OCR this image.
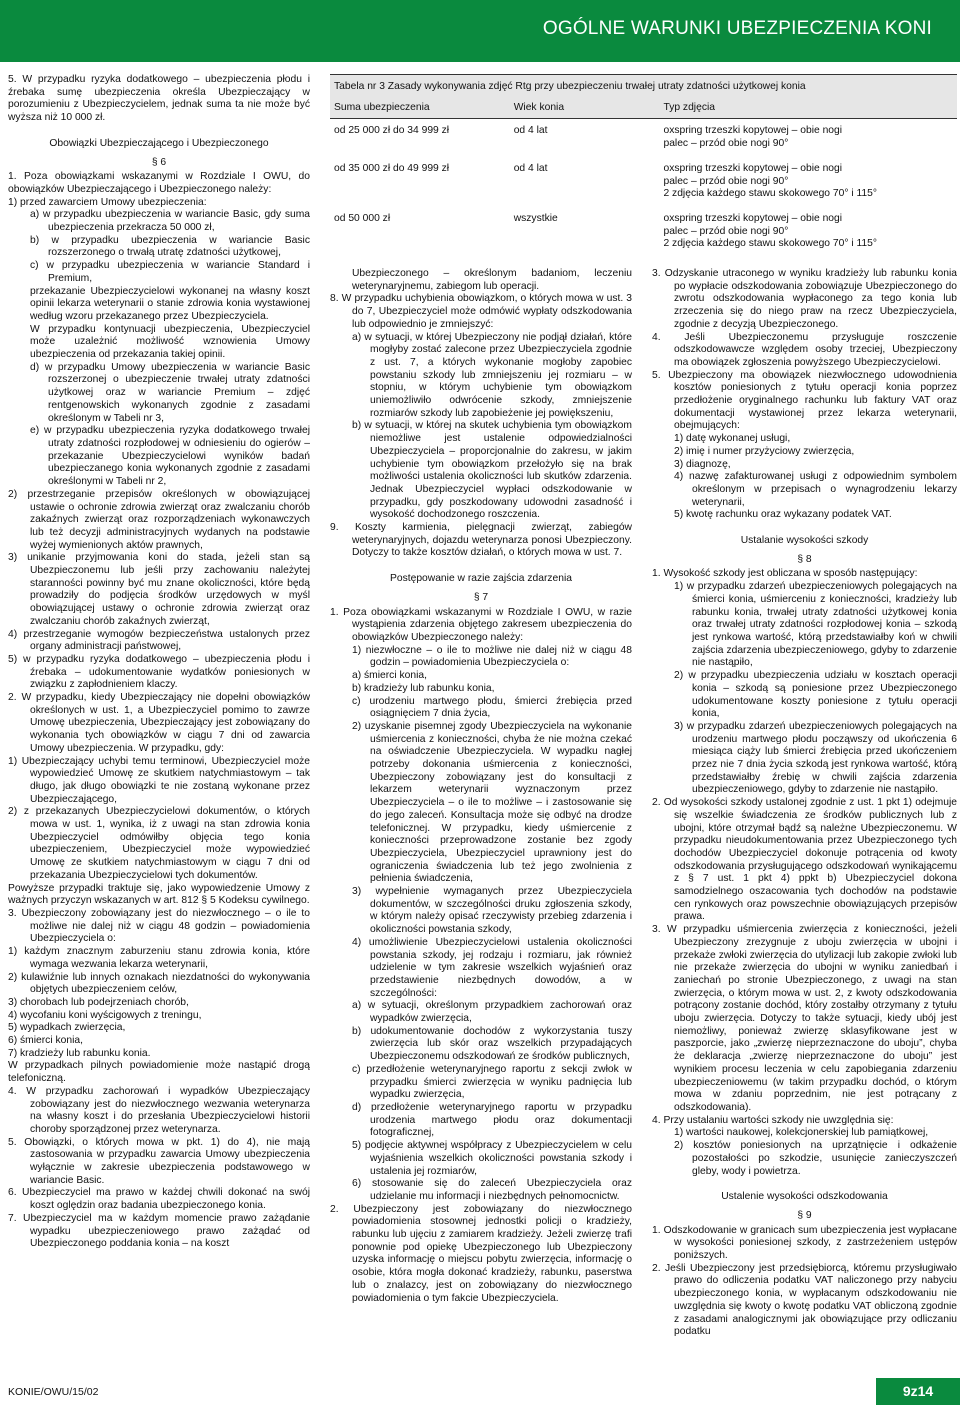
OGÓLNE WARUNKI UBEZPIECZENIA KONI

5. W przypadku ryzyka dodatkowego – ubezpieczenia płodu i źrebaka sumę ubezpieczenia określa Ubezpieczający w porozumieniu z Ubezpieczycielem, jednak suma ta nie może być wyższa niż 10 000 zł.

Obowiązki Ubezpieczającego i Ubezpieczonego

§ 6

1. Poza obowiązkami wskazanymi w Rozdziale I OWU, do obowiązków Ubezpieczającego i Ubezpieczonego należy:

1) przed zawarciem Umowy ubezpieczenia:

a) w przypadku ubezpieczenia w wariancie Basic, gdy suma ubezpieczenia przekracza 50 000 zł,

b) w przypadku ubezpieczenia w wariancie Basic rozszerzonego o trwałą utratę zdatności użytkowej,

c) w przypadku ubezpieczenia w wariancie Standard i Premium,

przekazanie Ubezpieczycielowi wykonanej na własny koszt opinii lekarza weterynarii o stanie zdrowia konia wystawionej według wzoru przekazanego przez Ubezpieczyciela.

W przypadku kontynuacji ubezpieczenia, Ubezpieczyciel może uzależnić możliwość wznowienia Umowy ubezpieczenia od przekazania takiej opinii.

d) w przypadku Umowy ubezpieczenia w wariancie Basic rozszerzonej o ubezpieczenie trwałej utraty zdatności użytkowej oraz w wariancie Premium – zdjęć rentgenowskich wykonanych zgodnie z zasadami określonym w Tabeli nr 3,

e) w przypadku ubezpieczenia ryzyka dodatkowego trwałej utraty zdatności rozpłodowej w odniesieniu do ogierów – przekazanie Ubezpieczycielowi wyników badań ubezpieczanego konia wykonanych zgodnie z zasadami określonymi w Tabeli nr 2,

2) przestrzeganie przepisów określonych w obowiązującej ustawie o ochronie zdrowia zwierząt oraz zwalczaniu chorób zakaźnych zwierząt oraz rozporządzeniach wykonawczych lub też decyzji administracyjnych wydanych na podstawie wyżej wymienionych aktów prawnych,

3) unikanie przyjmowania koni do stada, jeżeli stan są Ubezpieczonemu lub jeśli przy zachowaniu należytej staranności powinny być mu znane okoliczności, które będą prowadziły do podjęcia środków urzędowych w myśl obowiązującej ustawy o ochronie zdrowia zwierząt oraz zwalczaniu chorób zakaźnych zwierząt,

4) przestrzeganie wymogów bezpieczeństwa ustalonych przez organy administracji państwowej,

5) w przypadku ryzyka dodatkowego – ubezpieczenia płodu i źrebaka – udokumentowanie wydatków poniesionych w związku z zapłodnieniem klaczy.

2. W przypadku, kiedy Ubezpieczający nie dopełni obowiązków określonych w ust. 1, a Ubezpieczyciel pomimo to zawrze Umowę ubezpieczenia, Ubezpieczający jest zobowiązany do wykonania tych obowiązków w ciągu 7 dni od zawarcia Umowy ubezpieczenia. W przypadku, gdy:

1) Ubezpieczający uchybi temu terminowi, Ubezpieczyciel może wypowiedzieć Umowę ze skutkiem natychmiastowym – tak długo, jak długo obowiązki te nie zostaną wykonane przez Ubezpieczającego,

2) z przekazanych Ubezpieczycielowi dokumentów, o których mowa w ust. 1, wynika, iż z uwagi na stan zdrowia konia Ubezpieczyciel odmówiłby objęcia tego konia ubezpieczeniem, Ubezpieczyciel może wypowiedzieć Umowę ze skutkiem natychmiastowym w ciągu 7 dni od przekazania Ubezpieczycielowi tych dokumentów.

Powyższe przypadki traktuje się, jako wypowiedzenie Umowy z ważnych przyczyn wskazanych w art. 812 § 5 Kodeksu cywilnego.

3. Ubezpieczony zobowiązany jest do niezwłocznego – o ile to możliwe nie dalej niż w ciągu 48 godzin – powiadomienia Ubezpieczyciela o:

1) każdym znacznym zaburzeniu stanu zdrowia konia, które wymaga wezwania lekarza weterynarii,

2) kulawiźnie lub innych oznakach niezdatności do wykonywania objętych ubezpieczeniem celów,

3) chorobach lub podejrzeniach chorób,

4) wycofaniu koni wyścigowych z treningu,

5) wypadkach zwierzęcia,

6) śmierci konia,

7) kradzieży lub rabunku konia.

W przypadkach pilnych powiadomienie może nastąpić drogą telefoniczną.

4. W przypadku zachorowań i wypadków Ubezpieczający zobowiązany jest do niezwłocznego wezwania weterynarza na własny koszt i do przesłania Ubezpieczycielowi historii choroby sporządzonej przez weterynarza.

5. Obowiązki, o których mowa w pkt. 1) do 4), nie mają zastosowania w przypadku zawarcia Umowy ubezpieczenia wyłącznie w zakresie ubezpieczenia podstawowego w wariancie Basic.

6. Ubezpieczyciel ma prawo w każdej chwili dokonać na swój koszt oględzin oraz badania ubezpieczonego konia.

7. Ubezpieczyciel ma w każdym momencie prawo zażądanie wypadku ubezpieczeniowego prawo zażądać od Ubezpieczonego poddania konia – na koszt

Tabela nr 3 Zasady wykonywania zdjęć Rtg przy ubezpieczeniu trwałej utraty zdatności użytkowej konia
Suma ubezpieczenia	Wiek konia	Typ zdjęcia
od 25 000 zł do 34 999 zł	od 4 lat	oxspring trzeszki kopytowej – obie nogi
palec – przód obie nogi 90°
od 35 000 zł do 49 999 zł	od 4 lat	oxspring trzeszki kopytowej – obie nogi
palec – przód obie nogi 90°
2 zdjęcia każdego stawu skokowego 70° i 115°
od 50 000 zł	wszystkie	oxspring trzeszki kopytowej – obie nogi
palec – przód obie nogi 90°
2 zdjęcia każdego stawu skokowego 70° i 115°

Ubezpieczonego – określonym badaniom, leczeniu weterynaryjnemu, zabiegom lub operacji.

8. W przypadku uchybienia obowiązkom, o których mowa w ust. 3 do 7, Ubezpieczyciel może odmówić wypłaty odszkodowania lub odpowiednio je zmniejszyć:

a) w sytuacji, w której Ubezpieczony nie podjął działań, które mogłyby zostać zalecone przez Ubezpieczyciela zgodnie z ust. 7, a których wykonanie mogłoby zapobiec powstaniu szkody lub zmniejszeniu jej rozmiaru – w stopniu, w którym uchybienie tym obowiązkom uniemożliwiło odwrócenie szkody, zmniejszenie rozmiarów szkody lub zapobieżenie jej powiększeniu,

b) w sytuacji, w której na skutek uchybienia tym obowiązkom niemożliwe jest ustalenie odpowiedzialności Ubezpieczyciela – proporcjonalnie do zakresu, w jakim uchybienie tym obowiązkom przełożyło się na brak możliwości ustalenia okoliczności lub skutków zdarzenia. Jednak Ubezpieczyciel wypłaci odszkodowanie w przypadku, gdy poszkodowany udowodni zasadność i wysokość dochodzonego roszczenia.

9. Koszty karmienia, pielęgnacji zwierząt, zabiegów weterynaryjnych, dojazdu weterynarza ponosi Ubezpieczony. Dotyczy to także kosztów działań, o których mowa w ust. 7.

Postępowanie w razie zajścia zdarzenia

§ 7

1. Poza obowiązkami wskazanymi w Rozdziale I OWU, w razie wystąpienia zdarzenia objętego zakresem ubezpieczenia do obowiązków Ubezpieczonego należy:

1) niezwłoczne – o ile to możliwe nie dalej niż w ciągu 48 godzin – powiadomienia Ubezpieczyciela o:

a) śmierci konia,

b) kradzieży lub rabunku konia,

c) urodzeniu martwego płodu, śmierci źrebięcia przed osiągnięciem 7 dnia życia,

2) uzyskanie pisemnej zgody Ubezpieczyciela na wykonanie uśmiercenia z konieczności, chyba że nie można czekać na oświadczenie Ubezpieczyciela. W wypadku nagłej potrzeby dokonania uśmiercenia z konieczności, Ubezpieczony zobowiązany jest do konsultacji z lekarzem weterynarii wyznaczonym przez Ubezpieczyciela – o ile to możliwe – i zastosowanie się do jego zaleceń. Konsultacja może się odbyć na drodze telefonicznej. W przypadku, kiedy uśmiercenie z konieczności przeprowadzone zostanie bez zgody Ubezpieczyciela, Ubezpieczyciel uprawniony jest do ograniczenia świadczenia lub też jego zwolnienia z pełnienia świadczenia,

3) wypełnienie wymaganych przez Ubezpieczyciela dokumentów, w szczególności druku zgłoszenia szkody, w którym należy opisać rzeczywisty przebieg zdarzenia i okoliczności powstania szkody,

4) umożliwienie Ubezpieczycielowi ustalenia okoliczności powstania szkody, jej rodzaju i rozmiaru, jak również udzielenie w tym zakresie wszelkich wyjaśnień oraz przedstawienie niezbędnych dowodów, a w szczególności:

a) w sytuacji, określonym przypadkiem zachorowań oraz wypadków zwierzęcia,

b) udokumentowanie dochodów z wykorzystania tuszy zwierzęcia lub skór oraz wszelkich przypadających Ubezpieczonemu odszkodowań ze środków publicznych,

c) przedłożenie weterynaryjnego raportu z sekcji zwłok w przypadku śmierci zwierzęcia w wyniku padnięcia lub wypadku zwierzęcia,

d) przedłożenie weterynaryjnego raportu w przypadku urodzenia martwego płodu oraz dokumentacji fotograficznej,

5) podjęcie aktywnej współpracy z Ubezpieczycielem w celu wyjaśnienia wszelkich okoliczności powstania szkody i ustalenia jej rozmiarów,

6) stosowanie się do zaleceń Ubezpieczyciela oraz udzielanie mu informacji i niezbędnych pełnomocnictw.

2. Ubezpieczony jest zobowiązany do niezwłocznego powiadomienia stosownej jednostki policji o kradzieży, rabunku lub ujęciu z zamiarem kradzieży. Jeżeli zwierzę trafi ponownie pod opiekę Ubezpieczonego lub Ubezpieczony uzyska informację o miejscu pobytu zwierzęcia, informację o osobie, która mogła dokonać kradzieży, rabunku, paserstwa lub o znalazcy, jest on zobowiązany do niezwłocznego powiadomienia o tym fakcie Ubezpieczyciela.

3. Odzyskanie utraconego w wyniku kradzieży lub rabunku konia po wypłacie odszkodowania zobowiązuje Ubezpieczonego do zwrotu odszkodowania wypłaconego za tego konia lub zrzeczenia się do niego praw na rzecz Ubezpieczyciela, zgodnie z decyzją Ubezpieczonego.

4. Jeśli Ubezpieczonemu przysługuje roszczenie odszkodowawcze względem osoby trzeciej, Ubezpieczony ma obowiązek zgłoszenia powyższego Ubezpieczycielowi.

5. Ubezpieczony ma obowiązek niezwłocznego udowodnienia kosztów poniesionych z tytułu operacji konia poprzez przedłożenie oryginalnego rachunku lub faktury VAT oraz dokumentacji wystawionej przez lekarza weterynarii, obejmujących:

1) datę wykonanej usługi,

2) imię i numer przyżyciowy zwierzęcia,

3) diagnozę,

4) nazwę zafakturowanej usługi z odpowiednim symbolem określonym w przepisach o wynagrodzeniu lekarzy weterynarii,

5) kwotę rachunku oraz wykazany podatek VAT.

Ustalanie wysokości szkody

§ 8

1. Wysokość szkody jest obliczana w sposób następujący:

1) w przypadku zdarzeń ubezpieczeniowych polegających na śmierci konia, uśmierceniu z konieczności, kradzieży lub rabunku konia, trwałej utraty zdatności użytkowej konia oraz trwałej utraty zdatności rozpłodowej konia – szkodą jest rynkowa wartość, którą przedstawiałby koń w chwili zajścia zdarzenia ubezpieczeniowego, gdyby to zdarzenie nie nastąpiło,

2) w przypadku ubezpieczenia udziału w kosztach operacji konia – szkodą są poniesione przez Ubezpieczonego udokumentowane koszty poniesione z tytułu operacji konia,

3) w przypadku zdarzeń ubezpieczeniowych polegających na urodzeniu martwego płodu począwszy od ukończenia 6 miesiąca ciąży lub śmierci źrebięcia przed ukończeniem przez nie 7 dnia życia szkodą jest rynkowa wartość, którą przedstawiałby źrebię w chwili zajścia zdarzenia ubezpieczeniowego, gdyby to zdarzenie nie nastąpiło.

2. Od wysokości szkody ustalonej zgodnie z ust. 1 pkt 1) odejmuje się wszelkie świadczenia ze środków publicznych lub z ubojni, które otrzymał bądź są należne Ubezpieczonemu. W przypadku nieudokumentowania przez Ubezpieczonego tych dochodów Ubezpieczyciel dokonuje potrącenia od kwoty odszkodowania przysługującego odszkodowań wynikającemu z § 7 ust. 1 pkt 4) ppkt b) Ubezpieczyciel dokona samodzielnego oszacowania tych dochodów na podstawie cen rynkowych oraz powszechnie obowiązujących przepisów prawa.

3. W przypadku uśmiercenia zwierzęcia z konieczności, jeżeli Ubezpieczony zrezygnuje z uboju zwierzęcia w ubojni i przekaże zwłoki zwierzęcia do utylizacji lub zakopie zwłoki lub nie przekaże zwierzęcia do ubojni w wyniku zaniedbań i zaniechań po stronie Ubezpieczonego, z uwagi na stan zwierzęcia, o którym mowa w ust. 2, z kwoty odszkodowania potrącony zostanie dochód, który zostałby otrzymany z tytułu uboju zwierzęcia. Dotyczy to także sytuacji, kiedy ubój jest niemożliwy, ponieważ zwierzę sklasyfikowane jest w paszporcie, jako „zwierzę nieprzeznaczone do uboju”, chyba że deklaracja „zwierzę nieprzeznaczone do uboju” jest wynikiem procesu leczenia w celu zapobiegania zdarzeniu ubezpieczeniowemu (w takim przypadku dochód, o którym mowa w zdaniu poprzednim, nie jest potrącany z odszkodowania).

4. Przy ustalaniu wartości szkody nie uwzględnia się:

1) wartości naukowej, kolekcjonerskiej lub pamiątkowej,

2) kosztów poniesionych na uprzątnięcie i odkażenie pozostałości po szkodzie, usunięcie zanieczyszczeń gleby, wody i powietrza.

Ustalenie wysokości odszkodowania

§ 9

1. Odszkodowanie w granicach sum ubezpieczenia jest wypłacane w wysokości poniesionej szkody, z zastrzeżeniem ustępów poniższych.

2. Jeśli Ubezpieczony jest przedsiębiorcą, któremu przysługiwało prawo do odliczenia podatku VAT naliczonego przy nabyciu ubezpieczonego konia, w wypłacanym odszkodowaniu nie uwzględnia się kwoty o kwotę podatku VAT obliczoną zgodnie z zasadami analogicznymi jak obowiązujące przy odliczaniu podatku

KONIE/OWU/15/02	9z14
